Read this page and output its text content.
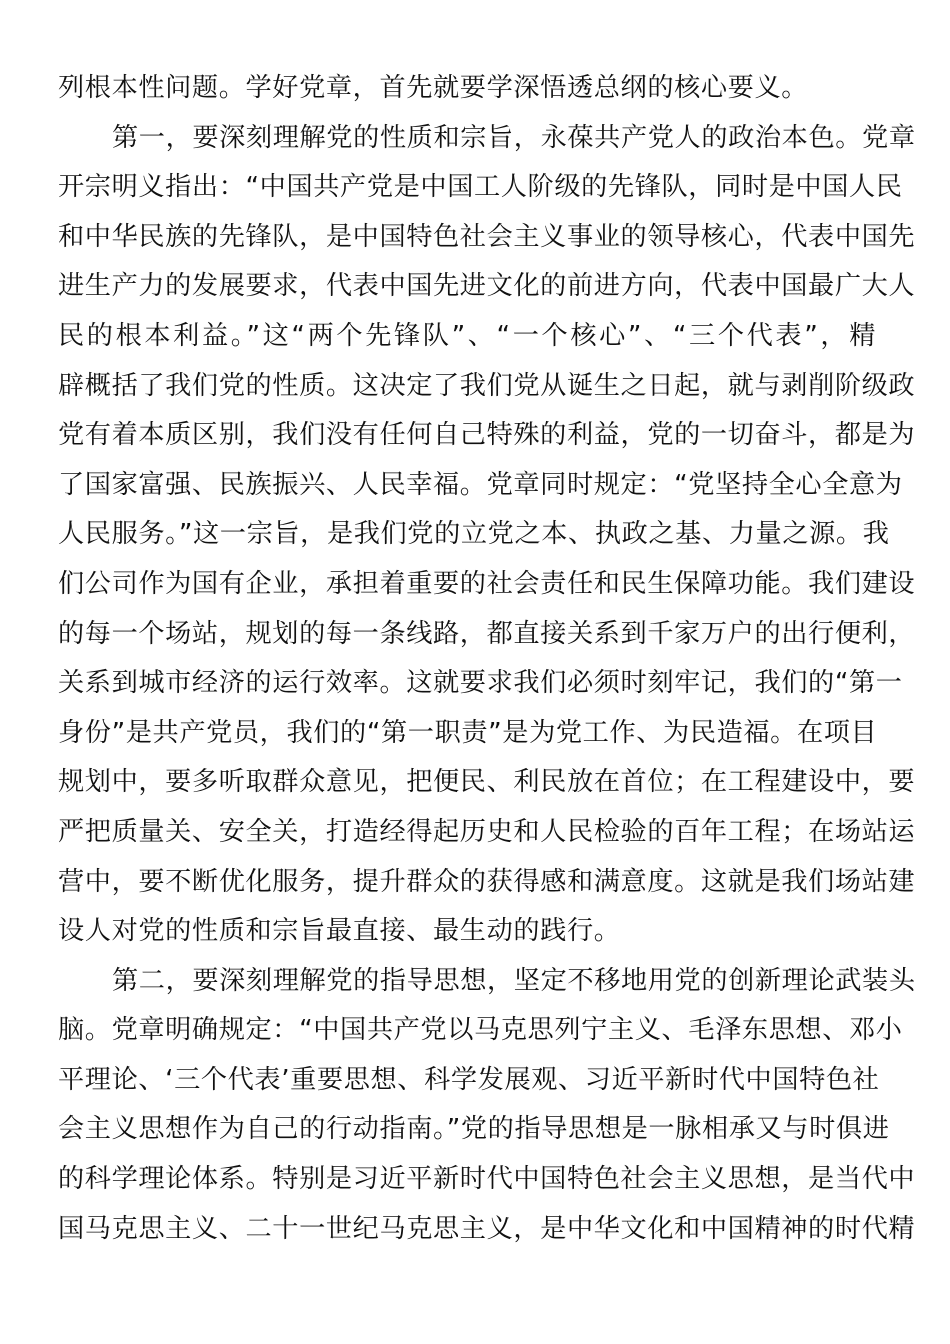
列根本性问题。学好党章，首先就要学深悟透总纲的核心要义。
第一，要深刻理解党的性质和宗旨，永葆共产党人的政治本色。党章
开宗明义指出：“中国共产党是中国工人阶级的先锋队，同时是中国人民
和中华民族的先锋队，是中国特色社会主义事业的领导核心，代表中国先
进生产力的发展要求，代表中国先进文化的前进方向，代表中国最广大人
民的根本利益。”这“两个先锋队”、“一个核心”、“三个代表”，精
辟概括了我们党的性质。这决定了我们党从诞生之日起，就与剥削阶级政
党有着本质区别，我们没有任何自己特殊的利益，党的一切奋斗，都是为
了国家富强、民族振兴、人民幸福。党章同时规定：“党坚持全心全意为
人民服务。”这一宗旨，是我们党的立党之本、执政之基、力量之源。我
们公司作为国有企业，承担着重要的社会责任和民生保障功能。我们建设
的每一个场站，规划的每一条线路，都直接关系到千家万户的出行便利，
关系到城市经济的运行效率。这就要求我们必须时刻牢记，我们的“第一
身份”是共产党员，我们的“第一职责”是为党工作、为民造福。在项目
规划中，要多听取群众意见，把便民、利民放在首位；在工程建设中，要
严把质量关、安全关，打造经得起历史和人民检验的百年工程；在场站运
营中，要不断优化服务，提升群众的获得感和满意度。这就是我们场站建
设人对党的性质和宗旨最直接、最生动的践行。
第二，要深刻理解党的指导思想，坚定不移地用党的创新理论武装头
脑。党章明确规定：“中国共产党以马克思列宁主义、毛泽东思想、邓小
平理论、‘三个代表’重要思想、科学发展观、习近平新时代中国特色社
会主义思想作为自己的行动指南。”党的指导思想是一脉相承又与时俱进
的科学理论体系。特别是习近平新时代中国特色社会主义思想，是当代中
国马克思主义、二十一世纪马克思主义，是中华文化和中国精神的时代精
